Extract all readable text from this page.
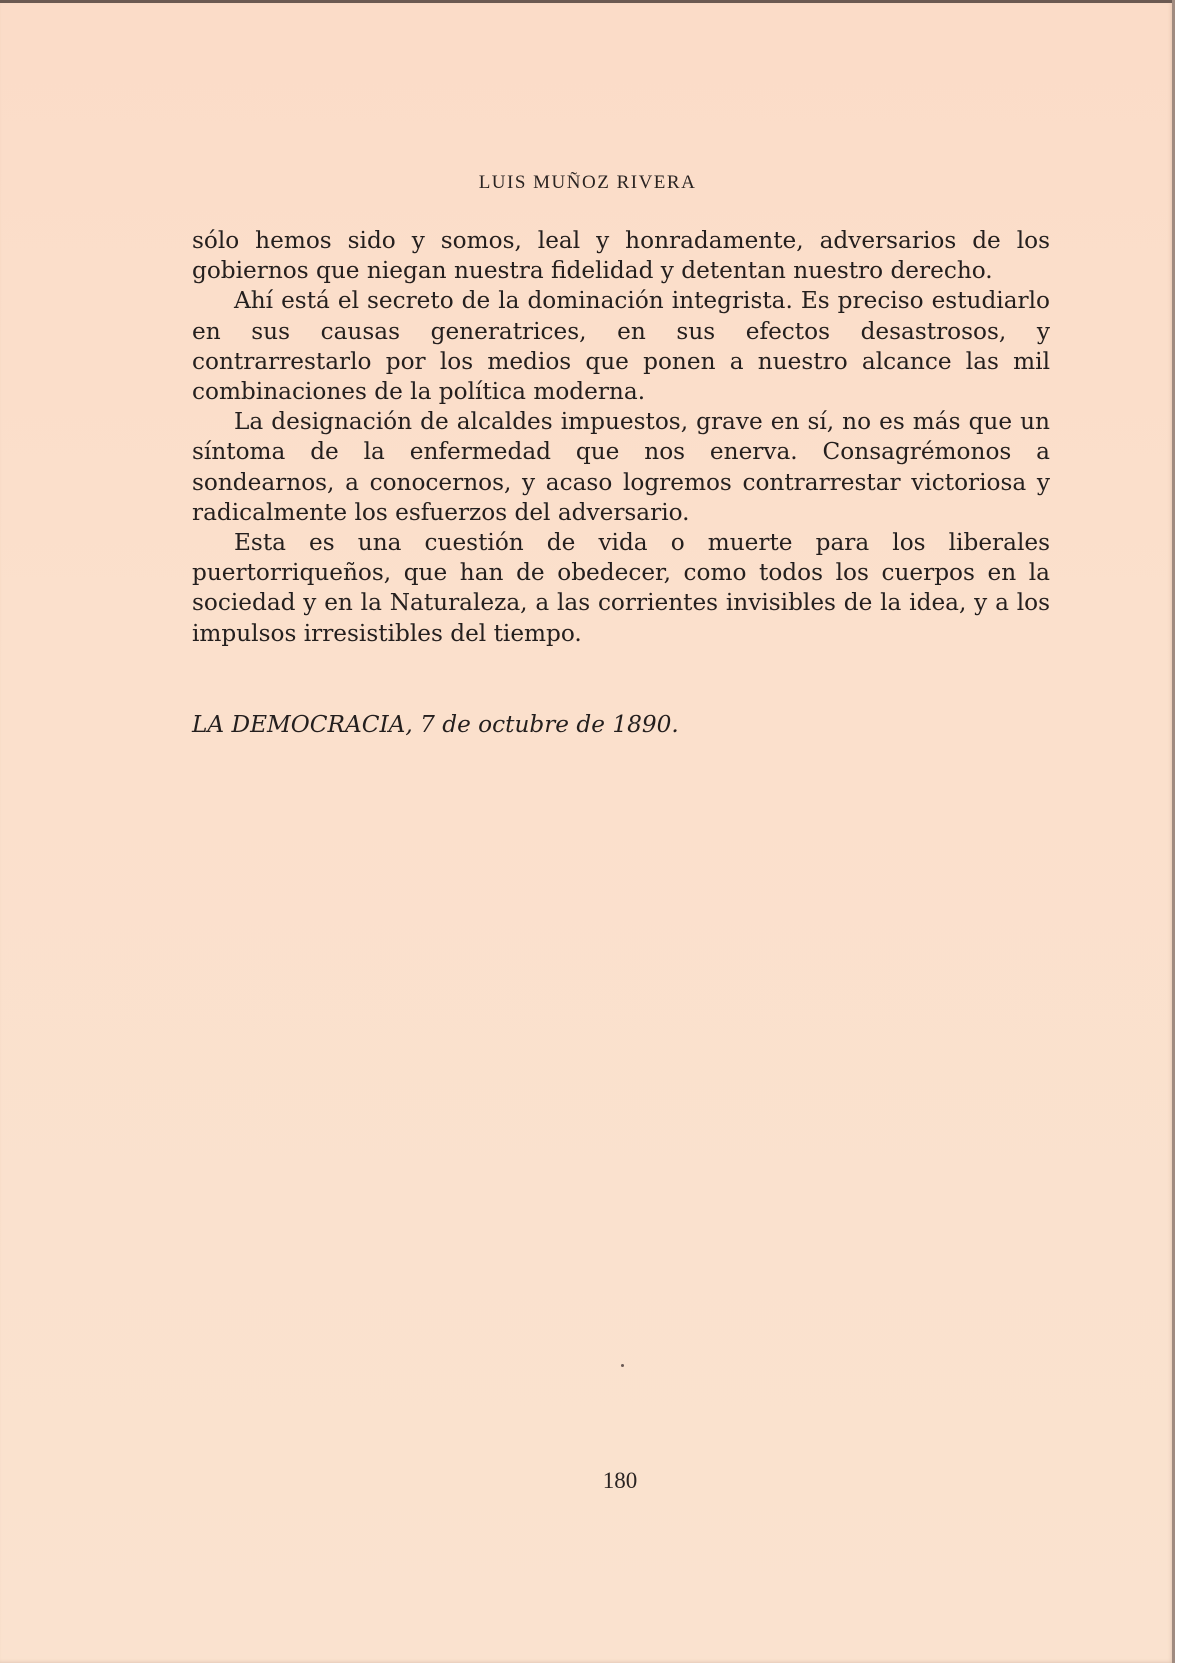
LUIS MUÑOZ RIVERA

sólo hemos sido y somos, leal y honradamente, adversarios de los gobiernos que niegan nuestra fidelidad y detentan nuestro derecho.

Ahí está el secreto de la dominación integrista. Es preciso estudiarlo en sus causas generatrices, en sus efectos desastrosos, y contrarrestarlo por los medios que ponen a nuestro alcance las mil combinaciones de la política moderna.

La designación de alcaldes impuestos, grave en sí, no es más que un síntoma de la enfermedad que nos enerva. Consagrémonos a sondearnos, a conocernos, y acaso logremos contrarrestar victoriosa y radicalmente los esfuerzos del adversario.

Esta es una cuestión de vida o muerte para los liberales puertorriqueños, que han de obedecer, como todos los cuerpos en la sociedad y en la Naturaleza, a las corrientes invisibles de la idea, y a los impulsos irresistibles del tiempo.

LA DEMOCRACIA, 7 de octubre de 1890.
180
